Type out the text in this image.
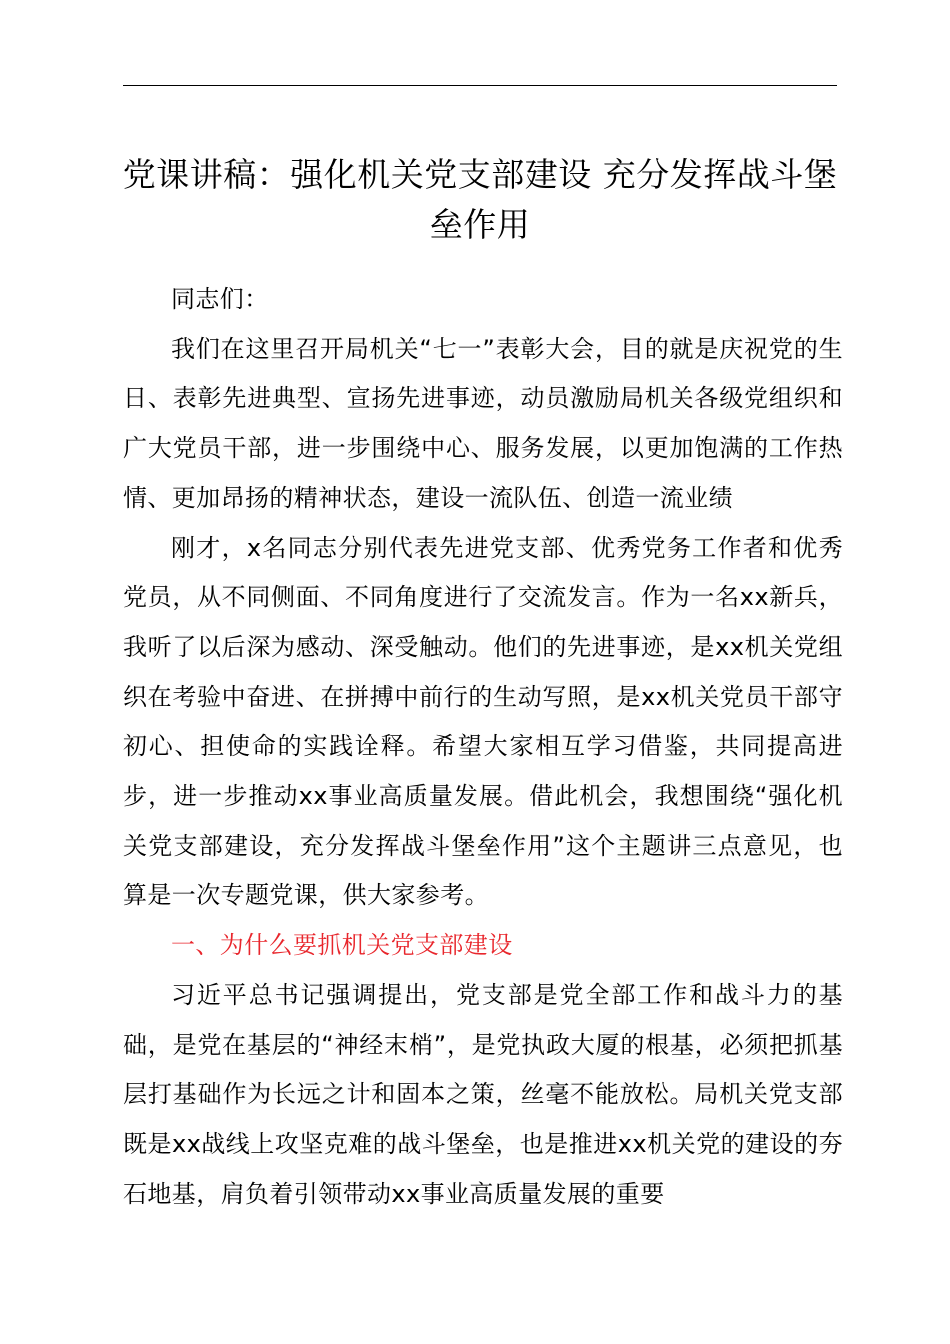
党课讲稿：强化机关党支部建设 充分发挥战斗堡垒作用

同志们：

我们在这里召开局机关“七一”表彰大会，目的就是庆祝党的生日、表彰先进典型、宣扬先进事迹，动员激励局机关各级党组织和广大党员干部，进一步围绕中心、服务发展，以更加饱满的工作热情、更加昂扬的精神状态，建设一流队伍、创造一流业绩

刚才，x名同志分别代表先进党支部、优秀党务工作者和优秀党员，从不同侧面、不同角度进行了交流发言。作为一名xx新兵，我听了以后深为感动、深受触动。他们的先进事迹，是xx机关党组织在考验中奋进、在拼搏中前行的生动写照，是xx机关党员干部守初心、担使命的实践诠释。希望大家相互学习借鉴，共同提高进步，进一步推动xx事业高质量发展。借此机会，我想围绕“强化机关党支部建设，充分发挥战斗堡垒作用”这个主题讲三点意见，也算是一次专题党课，供大家参考。

一、为什么要抓机关党支部建设

习近平总书记强调提出，党支部是党全部工作和战斗力的基础，是党在基层的“神经末梢”，是党执政大厦的根基，必须把抓基层打基础作为长远之计和固本之策，丝毫不能放松。局机关党支部既是xx战线上攻坚克难的战斗堡垒，也是推进xx机关党的建设的夯石地基，肩负着引领带动xx事业高质量发展的重要
